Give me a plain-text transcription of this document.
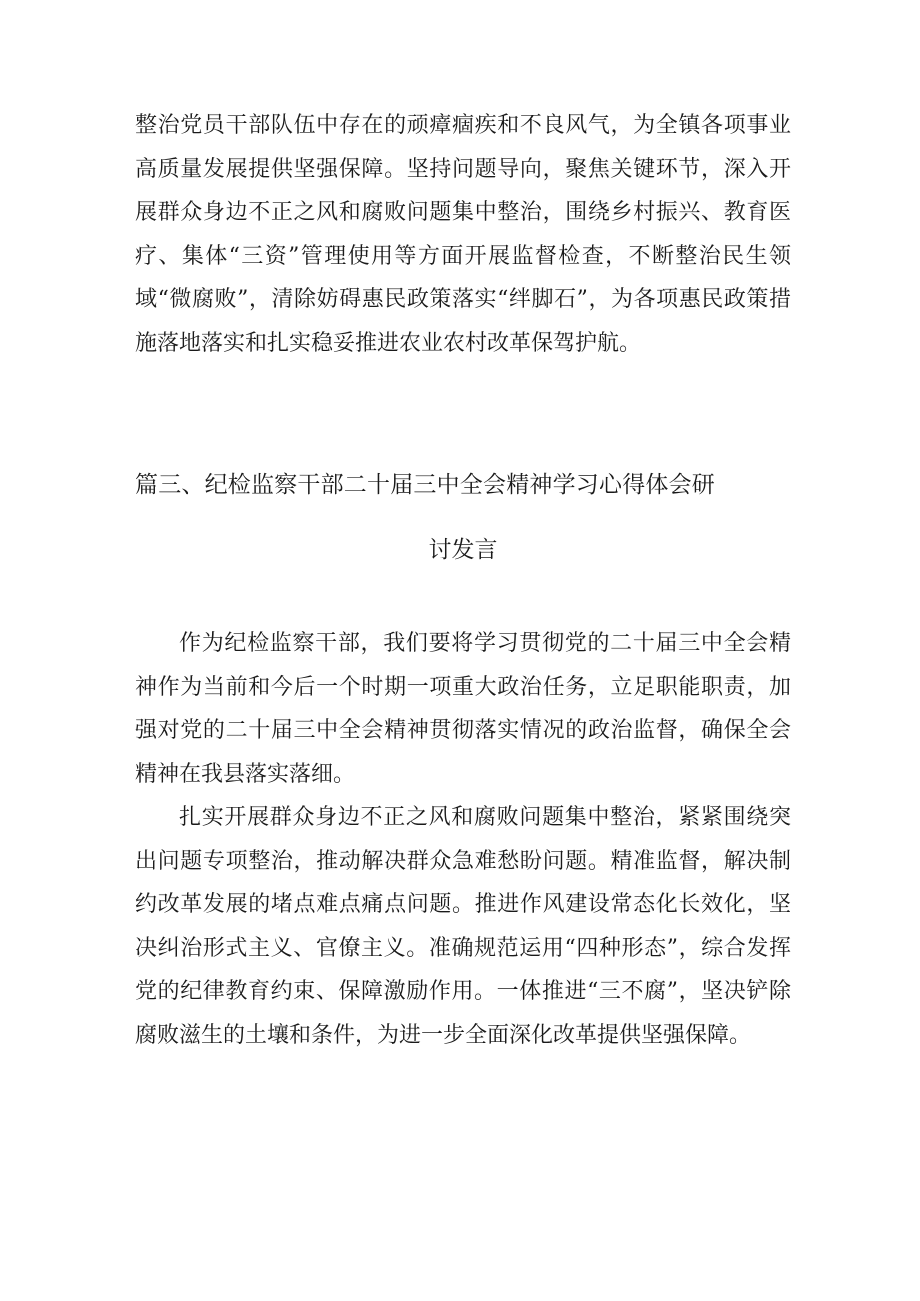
整治党员干部队伍中存在的顽瘴痼疾和不良风气，为全镇各项事业高质量发展提供坚强保障。坚持问题导向，聚焦关键环节，深入开展群众身边不正之风和腐败问题集中整治，围绕乡村振兴、教育医疗、集体“三资”管理使用等方面开展监督检查，不断整治民生领域“微腐败”，清除妨碍惠民政策落实“绊脚石”，为各项惠民政策措施落地落实和扎实稳妥推进农业农村改革保驾护航。

篇三、纪检监察干部二十届三中全会精神学习心得体会研
讨发言

作为纪检监察干部，我们要将学习贯彻党的二十届三中全会精神作为当前和今后一个时期一项重大政治任务，立足职能职责，加强对党的二十届三中全会精神贯彻落实情况的政治监督，确保全会精神在我县落实落细。

扎实开展群众身边不正之风和腐败问题集中整治，紧紧围绕突出问题专项整治，推动解决群众急难愁盼问题。精准监督，解决制约改革发展的堵点难点痛点问题。推进作风建设常态化长效化，坚决纠治形式主义、官僚主义。准确规范运用“四种形态”，综合发挥党的纪律教育约束、保障激励作用。一体推进“三不腐”，坚决铲除腐败滋生的土壤和条件，为进一步全面深化改革提供坚强保障。
